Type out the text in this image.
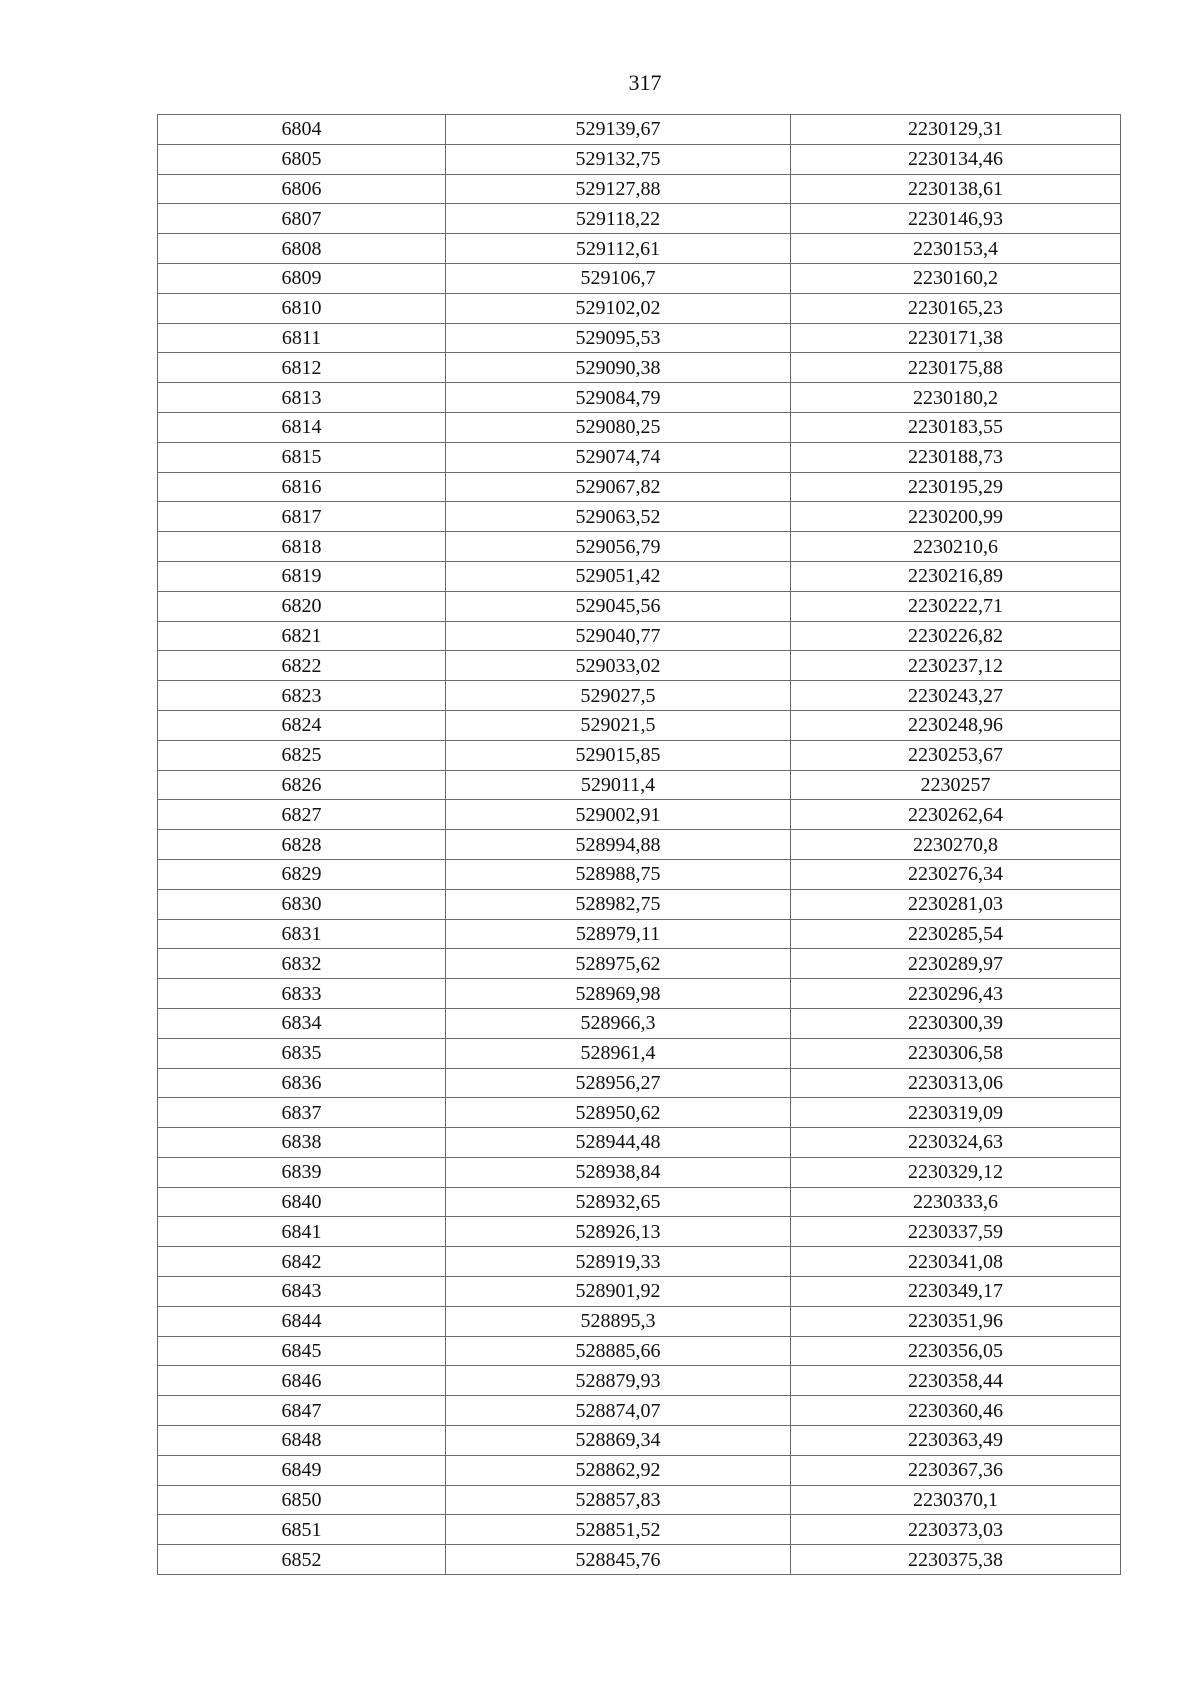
317
6804	529139,67	2230129,31
6805	529132,75	2230134,46
6806	529127,88	2230138,61
6807	529118,22	2230146,93
6808	529112,61	2230153,4
6809	529106,7	2230160,2
6810	529102,02	2230165,23
6811	529095,53	2230171,38
6812	529090,38	2230175,88
6813	529084,79	2230180,2
6814	529080,25	2230183,55
6815	529074,74	2230188,73
6816	529067,82	2230195,29
6817	529063,52	2230200,99
6818	529056,79	2230210,6
6819	529051,42	2230216,89
6820	529045,56	2230222,71
6821	529040,77	2230226,82
6822	529033,02	2230237,12
6823	529027,5	2230243,27
6824	529021,5	2230248,96
6825	529015,85	2230253,67
6826	529011,4	2230257
6827	529002,91	2230262,64
6828	528994,88	2230270,8
6829	528988,75	2230276,34
6830	528982,75	2230281,03
6831	528979,11	2230285,54
6832	528975,62	2230289,97
6833	528969,98	2230296,43
6834	528966,3	2230300,39
6835	528961,4	2230306,58
6836	528956,27	2230313,06
6837	528950,62	2230319,09
6838	528944,48	2230324,63
6839	528938,84	2230329,12
6840	528932,65	2230333,6
6841	528926,13	2230337,59
6842	528919,33	2230341,08
6843	528901,92	2230349,17
6844	528895,3	2230351,96
6845	528885,66	2230356,05
6846	528879,93	2230358,44
6847	528874,07	2230360,46
6848	528869,34	2230363,49
6849	528862,92	2230367,36
6850	528857,83	2230370,1
6851	528851,52	2230373,03
6852	528845,76	2230375,38
